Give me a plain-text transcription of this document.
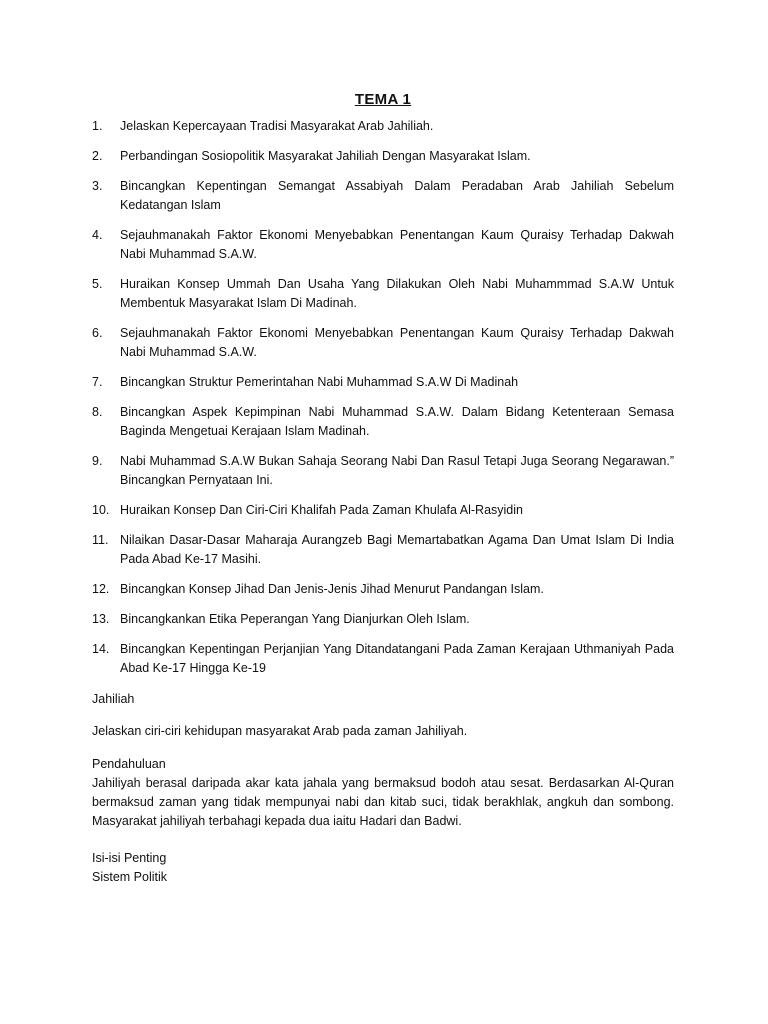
TEMA 1
1.	Jelaskan Kepercayaan Tradisi Masyarakat Arab Jahiliah.
2.	Perbandingan Sosiopolitik Masyarakat Jahiliah Dengan Masyarakat Islam.
3.	Bincangkan Kepentingan Semangat Assabiyah Dalam Peradaban Arab Jahiliah Sebelum Kedatangan Islam
4.	Sejauhmanakah Faktor Ekonomi Menyebabkan Penentangan Kaum Quraisy Terhadap Dakwah Nabi Muhammad S.A.W.
5.	Huraikan Konsep Ummah Dan Usaha Yang Dilakukan Oleh Nabi Muhammmad S.A.W Untuk Membentuk Masyarakat Islam Di Madinah.
6.	Sejauhmanakah Faktor Ekonomi Menyebabkan Penentangan Kaum Quraisy Terhadap Dakwah Nabi Muhammad S.A.W.
7.	Bincangkan Struktur Pemerintahan Nabi Muhammad S.A.W Di Madinah
8.	Bincangkan Aspek Kepimpinan Nabi Muhammad S.A.W. Dalam Bidang Ketenteraan Semasa Baginda Mengetuai Kerajaan Islam Madinah.
9.	Nabi Muhammad S.A.W Bukan Sahaja Seorang Nabi Dan Rasul Tetapi Juga Seorang Negarawan.” Bincangkan Pernyataan Ini.
10. Huraikan Konsep Dan Ciri-Ciri Khalifah Pada Zaman Khulafa Al-Rasyidin
11. Nilaikan Dasar-Dasar Maharaja Aurangzeb Bagi Memartabatkan Agama Dan Umat Islam Di India Pada Abad Ke-17 Masihi.
12. Bincangkan Konsep Jihad Dan Jenis-Jenis Jihad Menurut Pandangan Islam.
13. Bincangkankan Etika Peperangan Yang Dianjurkan Oleh Islam.
14. Bincangkan Kepentingan Perjanjian Yang Ditandatangani Pada Zaman Kerajaan Uthmaniyah Pada Abad Ke-17 Hingga Ke-19
Jahiliah
Jelaskan ciri-ciri kehidupan masyarakat Arab pada zaman Jahiliyah.
Pendahuluan
Jahiliyah berasal daripada akar kata jahala yang bermaksud bodoh atau sesat. Berdasarkan Al-Quran bermaksud zaman yang tidak mempunyai nabi dan kitab suci, tidak berakhlak, angkuh dan sombong. Masyarakat jahiliyah terbahagi kepada dua iaitu Hadari dan Badwi.
Isi-isi Penting
Sistem Politik
